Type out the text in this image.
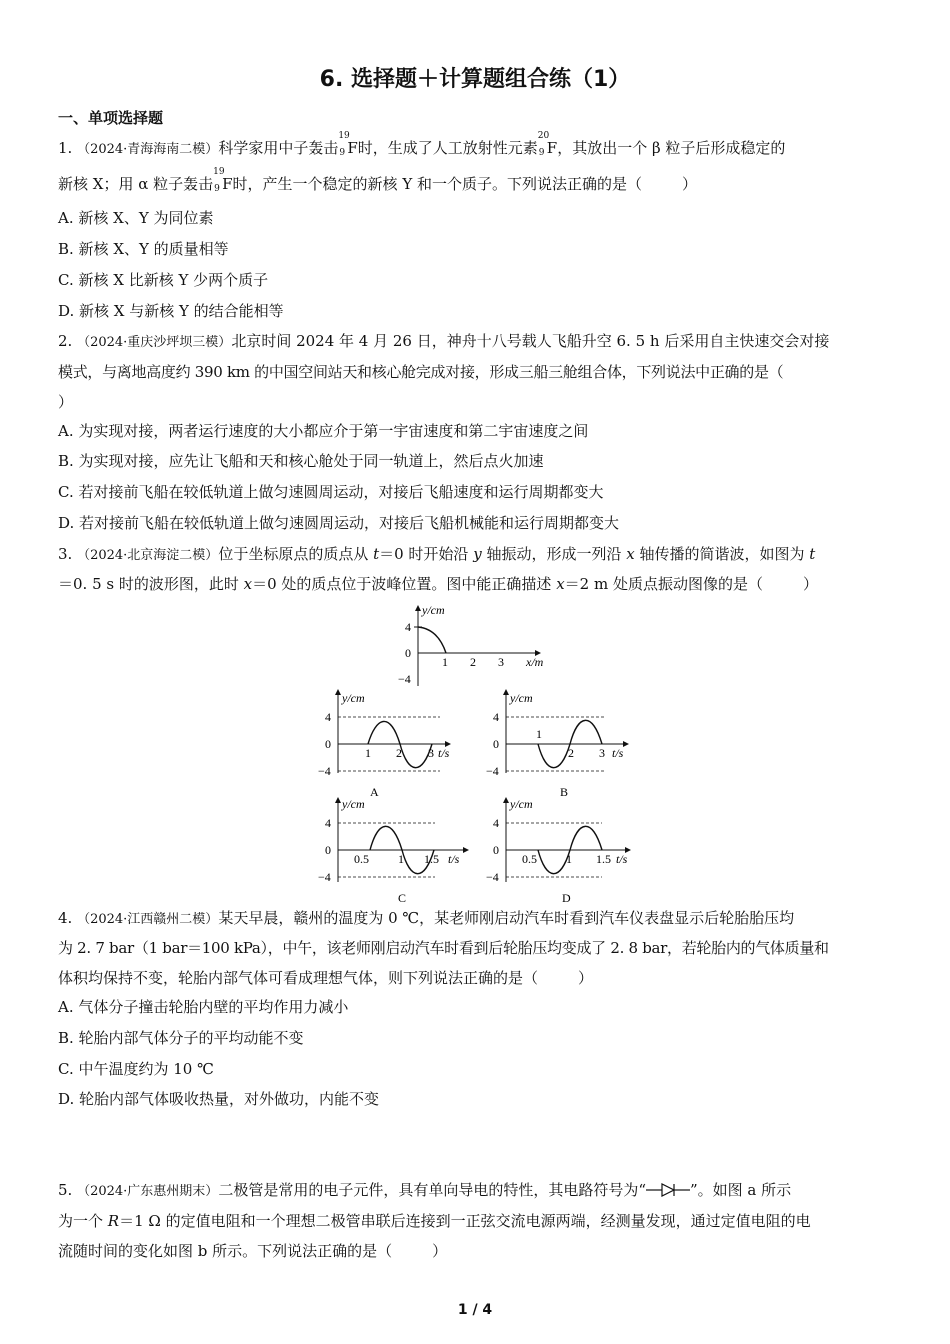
6. 选择题＋计算题组合练（1）
一、单项选择题
1. （2024·青海海南二模）科学家用中子轰击
19
9 F时，生成了人工放射性元素
20
9 F，其放出一个 β 粒子后形成稳定的
新核 X；用 α 粒子轰击
19
9 F时，产生一个稳定的新核 Y 和一个质子。下列说法正确的是（	）
A. 新核 X、Y 为同位素
B. 新核 X、Y 的质量相等
C. 新核 X 比新核 Y 少两个质子
D. 新核 X 与新核 Y 的结合能相等
2. （2024·重庆沙坪坝三模）北京时间 2024 年 4 月 26 日，神舟十八号载人飞船升空 6. 5 h 后采用自主快速交会对接
模式，与离地高度约 390 km 的中国空间站天和核心舱完成对接，形成三船三舱组合体，下列说法中正确的是（
）
A. 为实现对接，两者运行速度的大小都应介于第一宇宙速度和第二宇宙速度之间
B. 为实现对接，应先让飞船和天和核心舱处于同一轨道上，然后点火加速
C. 若对接前飞船在较低轨道上做匀速圆周运动，对接后飞船速度和运行周期都变大
D. 若对接前飞船在较低轨道上做匀速圆周运动，对接后飞船机械能和运行周期都变大
3. （2024·北京海淀二模）位于坐标原点的质点从 t＝0 时开始沿 y 轴振动，形成一列沿 x 轴传播的简谐波，如图为 t
＝0. 5 s 时的波形图，此时 x＝0 处的质点位于波峰位置。图中能正确描述 x＝2 m 处质点振动图像的是（	）
y/cm
4
0
−4
1 2 3 x/m
y/cm
4
0
−4
1 2 3 t/s
A
y/cm
4
0
−4
1
2 3 t/s
B
y/cm
4
0
−4
0.5 1 1.5 t/s
C
y/cm
4
0
−4
0.5 1 1.5 t/s
D
4. （2024·江西赣州二模）某天早晨，赣州的温度为 0 ℃，某老师刚启动汽车时看到汽车仪表盘显示后轮胎胎压均
为 2. 7 bar（1 bar＝100 kPa），中午，该老师刚启动汽车时看到后轮胎压均变成了 2. 8 bar，若轮胎内的气体质量和
体积均保持不变，轮胎内部气体可看成理想气体，则下列说法正确的是（	）
A. 气体分子撞击轮胎内壁的平均作用力减小
B. 轮胎内部气体分子的平均动能不变
C. 中午温度约为 10 ℃
D. 轮胎内部气体吸收热量，对外做功，内能不变
5. （2024·广东惠州期末）二极管是常用的电子元件，具有单向导电的特性，其电路符号为“	”。如图 a 所示
为一个 R＝1 Ω 的定值电阻和一个理想二极管串联后连接到一正弦交流电源两端，经测量发现，通过定值电阻的电
流随时间的变化如图 b 所示。下列说法正确的是（	）
1 / 4
